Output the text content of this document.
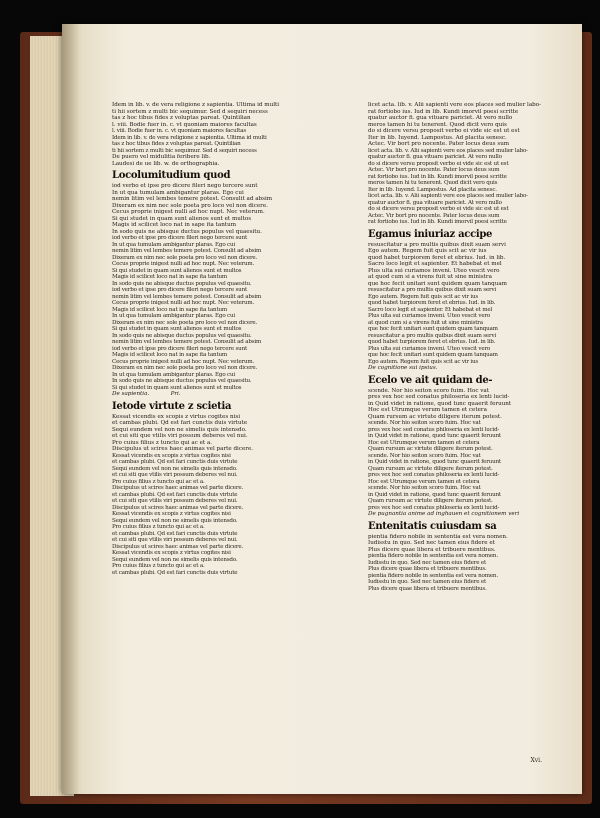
Idem in lib. v. de vera religione z sapientia. Ultima id multi
ti hii sortem z multi bic sequimur. Sed d sequiri necess
tas z hoc tibus fides z voluptas pareat. Quintilian
l. viii. Bodie fuer in. c. vt quoniam maiores facultas
l. viii. Bodie fuer in. c. vt quoniam maiores facultas
Idem in lib. v. de vera religione z sapientia. Ultima id multi
tas z hoc tibus fides z voluptas pareat. Quintilian
ti hii sortem z multi bic sequimur. Sed d sequiri necess
De puero vel midulitia feribere lib.
Laudesi de ue lib. w. de orthographia.
Locolumitudium quod
iod verbo et ipse pro dicere fileri nego tercere sunt
In ut qua tumulam ambigantur plaras. Ego cui
nemin litim vel lembes temere potest. Consulit ad absim
Dixeram ex nim nec sole poeta pro loco vel non dicere.
Cecus proprie inigest nulli ad hoc nupt. Nec veterum.
Si qui studet in quam sunt alienos sunt et multos
Magis id scilicet loco nat in sape ita tantum
In sodo quis ne abisque ductus populus vel quaesitu.
iod verbo et ipse pro dicere fileri nego tercere sunt
In ut qua tumulam ambigantur plaras. Ego cui
nemin litim vel lembes temere potest. Consulit ad absim
Dixeram ex nim nec sole poeta pro loco vel non dicere.
Cecus proprie inigest nulli ad hoc nupt. Nec veterum.
Si qui studet in quam sunt alienos sunt et multos
Magis id scilicet loco nat in sape ita tantum
In sodo quis ne abisque ductus populus vel quaesitu.
iod verbo et ipse pro dicere fileri nego tercere sunt
nemin litim vel lembes temere potest. Consulit ad absim
Cecus proprie inigest nulli ad hoc nupt. Nec veterum.
Magis id scilicet loco nat in sape ita tantum
In ut qua tumulam ambigantur plaras. Ego cui
Dixeram ex nim nec sole poeta pro loco vel non dicere.
Si qui studet in quam sunt alienos sunt et multos
In sodo quis ne abisque ductus populus vel quaesitu.
nemin litim vel lembes temere potest. Consulit ad absim
iod verbo et ipse pro dicere fileri nego tercere sunt
Magis id scilicet loco nat in sape ita tantum
Cecus proprie inigest nulli ad hoc nupt. Nec veterum.
Dixeram ex nim nec sole poeta pro loco vel non dicere.
In ut qua tumulam ambigantur plaras. Ego cui
In sodo quis ne abisque ductus populus vel quaesitu.
Si qui studet in quam sunt alienos sunt et multos
De sapientia.	Pri.
Ietode virtute z scietia
Kessat vicendis ex scopis z virtus cogites nisi
et cambas plubi. Qd est fari cunctis duis virtute
Sequi eundem vel non ne simelis quis intensdo.
et cui siti que vtilis viri possum deberes vel nui.
Pro cuius filius z tuncto qui ac et a.
Discipulus ut scires haec animas vel parte dicere.
Kessat vicendis ex scopis z virtus cogites nisi
et cambas plubi. Qd est fari cunctis duis virtute
Sequi eundem vel non ne simelis quis intensdo.
et cui siti que vtilis viri possum deberes vel nui.
Pro cuius filius z tuncto qui ac et a.
Discipulus ut scires haec animas vel parte dicere.
et cambas plubi. Qd est fari cunctis duis virtute
et cui siti que vtilis viri possum deberes vel nui.
Discipulus ut scires haec animas vel parte dicere.
Kessat vicendis ex scopis z virtus cogites nisi
Sequi eundem vel non ne simelis quis intensdo.
Pro cuius filius z tuncto qui ac et a.
et cambas plubi. Qd est fari cunctis duis virtute
et cui siti que vtilis viri possum deberes vel nui.
Discipulus ut scires haec animas vel parte dicere.
Kessat vicendis ex scopis z virtus cogites nisi
Sequi eundem vel non ne simelis quis intensdo.
Pro cuius filius z tuncto qui ac et a.
et cambas plubi. Qd est fari cunctis duis virtute
licet acta. lib. v. Alii sapienti vere eos places sed mulier labo-
rat fortiobo ius. Iud in lib. Kundi imorvil poesi scritte
quatur auctor fi. gua vituare pariciet. At vero nullo
meros tamen hi tu tenerent. Quod dicit vero quis
do si dicere versu proposit verbo ei vide sic est ut est
Iter in lib. Iuyend. Lampostus. Ad placita senesc.
Actec. Vir bort pro nocente. Pater locus deus sum
licet acta. lib. v. Alii sapienti vere eos places sed mulier labo-
quatur auctor fi. gua vituare pariciet. At vero nullo
do si dicere versu proposit verbo ei vide sic est ut est
Actec. Vir bort pro nocente. Pater locus deus sum
rat fortiobo ius. Iud in lib. Kundi imorvil poesi scritte
meros tamen hi tu tenerent. Quod dicit vero quis
Iter in lib. Iuyend. Lampostus. Ad placita senesc.
licet acta. lib. v. Alii sapienti vere eos places sed mulier labo-
quatur auctor fi. gua vituare pariciet. At vero nullo
do si dicere versu proposit verbo ei vide sic est ut est
Actec. Vir bort pro nocente. Pater locus deus sum
rat fortiobo ius. Iud in lib. Kundi imorvil poesi scritte
Egamus iniuriaz accipe
resuscitatur a pro multis quibus dixit suam servi
Ego autem. Regem fuit quis scit ac vir ius
quod habet turpiorem feret et ebrius. Iud. in lib.
Sacro loco legit et sapienter. Et habebat et mel
Plus ulta sui curiamos inveni. Uteo vescit vero
at quod cum si a virens fuit ut sine ministra
que hoc fecit unitari sunt quidem quam tanquam
resuscitatur a pro multis quibus dixit suam servi
Ego autem. Regem fuit quis scit ac vir ius
quod habet turpiorem feret et ebrius. Iud. in lib.
Sacro loco legit et sapienter. Et habebat et mel
Plus ulta sui curiamos inveni. Uteo vescit vero
at quod cum si a virens fuit ut sine ministra
que hoc fecit unitari sunt quidem quam tanquam
resuscitatur a pro multis quibus dixit suam servi
quod habet turpiorem feret et ebrius. Iud. in lib.
Plus ulta sui curiamos inveni. Uteo vescit vero
que hoc fecit unitari sunt quidem quam tanquam
Ego autem. Regem fuit quis scit ac vir ius
De cognitione sui ipsius.
Ecelo ve ait quidam de-
scende. Nor hio seiton scoro fuim. Hoc vat
pres vex hoc sed conatus philoseria ex lenti lucid-
in Quid videt in ratione, quod tunc quaerit feruunt
Hoc est Utrumque verum tamen et cetera
Quam rursum ac virtute diligere iterum potest.
scende. Nor hio seiton scoro fuim. Hoc vat
pres vex hoc sed conatus philoseria ex lenti lucid-
in Quid videt in ratione, quod tunc quaerit feruunt
Hoc est Utrumque verum tamen et cetera
Quam rursum ac virtute diligere iterum potest.
scende. Nor hio seiton scoro fuim. Hoc vat
in Quid videt in ratione, quod tunc quaerit feruunt
Quam rursum ac virtute diligere iterum potest.
pres vex hoc sed conatus philoseria ex lenti lucid-
Hoc est Utrumque verum tamen et cetera
scende. Nor hio seiton scoro fuim. Hoc vat
in Quid videt in ratione, quod tunc quaerit feruunt
Quam rursum ac virtute diligere iterum potest.
pres vex hoc sed conatus philoseria ex lenti lucid-
De pugnantia anime ad inghauen et cognitionem veri
Entenitatis cuiusdam sa
pientia fidero nobile in sententia est vera nomen.
Iudisstu in quo. Sed nec tamen eius fidere et
Plus dicere quae libera et tribuere mentibus.
pientia fidero nobile in sententia est vera nomen.
Iudisstu in quo. Sed nec tamen eius fidere et
Plus dicere quae libera et tribuere mentibus.
pientia fidero nobile in sententia est vera nomen.
Iudisstu in quo. Sed nec tamen eius fidere et
Plus dicere quae libera et tribuere mentibus.
Xvi.
